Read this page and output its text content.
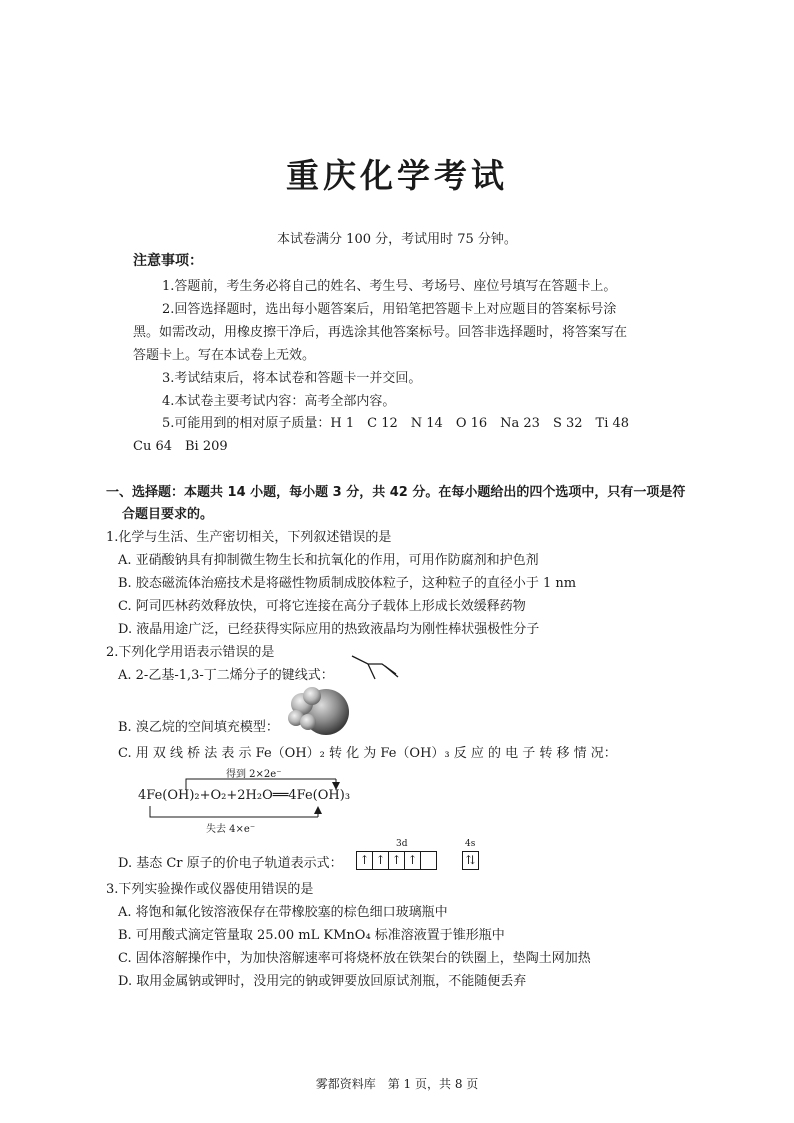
重庆化学考试
本试卷满分 100 分，考试用时 75 分钟。
注意事项：
1.答题前，考生务必将自己的姓名、考生号、考场号、座位号填写在答题卡上。
2.回答选择题时，选出每小题答案后，用铅笔把答题卡上对应题目的答案标号涂
黑。如需改动，用橡皮擦干净后，再选涂其他答案标号。回答非选择题时，将答案写在
答题卡上。写在本试卷上无效。
3.考试结束后，将本试卷和答题卡一并交回。
4.本试卷主要考试内容：高考全部内容。
5.可能用到的相对原子质量：H 1　C 12　N 14　O 16　Na 23　S 32　Ti 48
Cu 64　Bi 209
一、选择题：本题共 14 小题，每小题 3 分，共 42 分。在每小题给出的四个选项中，只有一项是符
合题目要求的。
1.化学与生活、生产密切相关，下列叙述错误的是
A. 亚硝酸钠具有抑制微生物生长和抗氧化的作用，可用作防腐剂和护色剂
B. 胶态磁流体治癌技术是将磁性物质制成胶体粒子，这种粒子的直径小于 1 nm
C. 阿司匹林药效释放快，可将它连接在高分子载体上形成长效缓释药物
D. 液晶用途广泛，已经获得实际应用的热致液晶均为刚性棒状强极性分子
2.下列化学用语表示错误的是
A. 2-乙基-1,3-丁二烯分子的键线式：
B. 溴乙烷的空间填充模型：
C. 用 双 线 桥 法 表 示 Fe（OH）₂ 转 化 为 Fe（OH）₃ 反 应 的 电 子 转 移 情 况：
得到 2×2e⁻
4Fe(OH)₂+O₂+2H₂O══4Fe(OH)₃
失去 4×e⁻
D. 基态 Cr 原子的价电子轨道表示式：
3d	4s
↑ ↑ ↑ ↑	⇅
3.下列实验操作或仪器使用错误的是
A. 将饱和氟化铵溶液保存在带橡胶塞的棕色细口玻璃瓶中
B. 可用酸式滴定管量取 25.00 mL KMnO₄ 标准溶液置于锥形瓶中
C. 固体溶解操作中，为加快溶解速率可将烧杯放在铁架台的铁圈上，垫陶土网加热
D. 取用金属钠或钾时，没用完的钠或钾要放回原试剂瓶，不能随便丢弃
雾都资料库　第 1 页，共 8 页
